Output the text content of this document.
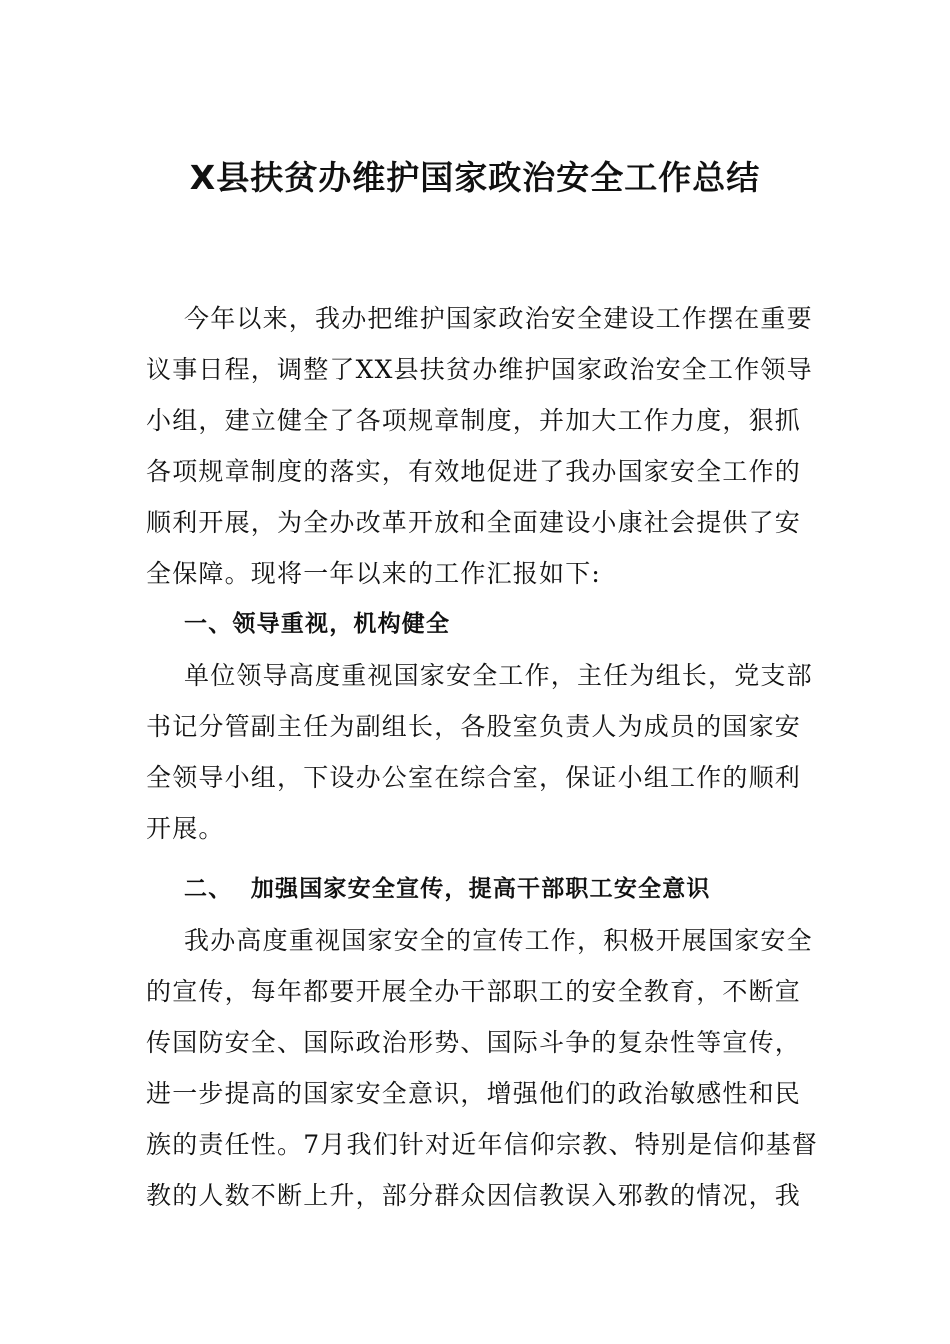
X县扶贫办维护国家政治安全工作总结
今年以来，我办把维护国家政治安全建设工作摆在重要
议事日程，调整了XX县扶贫办维护国家政治安全工作领导
小组，建立健全了各项规章制度，并加大工作力度，狠抓
各项规章制度的落实，有效地促进了我办国家安全工作的
顺利开展，为全办改革开放和全面建设小康社会提供了安
全保障。现将一年以来的工作汇报如下:
一、领导重视，机构健全
单位领导高度重视国家安全工作，主任为组长，党支部
书记分管副主任为副组长，各股室负责人为成员的国家安
全领导小组，下设办公室在综合室，保证小组工作的顺利
开展。
二、  加强国家安全宣传，提高干部职工安全意识
我办高度重视国家安全的宣传工作，积极开展国家安全
的宣传，每年都要开展全办干部职工的安全教育，不断宣
传国防安全、国际政治形势、国际斗争的复杂性等宣传，
进一步提高的国家安全意识，增强他们的政治敏感性和民
族的责任性。7月我们针对近年信仰宗教、特别是信仰基督
教的人数不断上升，部分群众因信教误入邪教的情况，我
